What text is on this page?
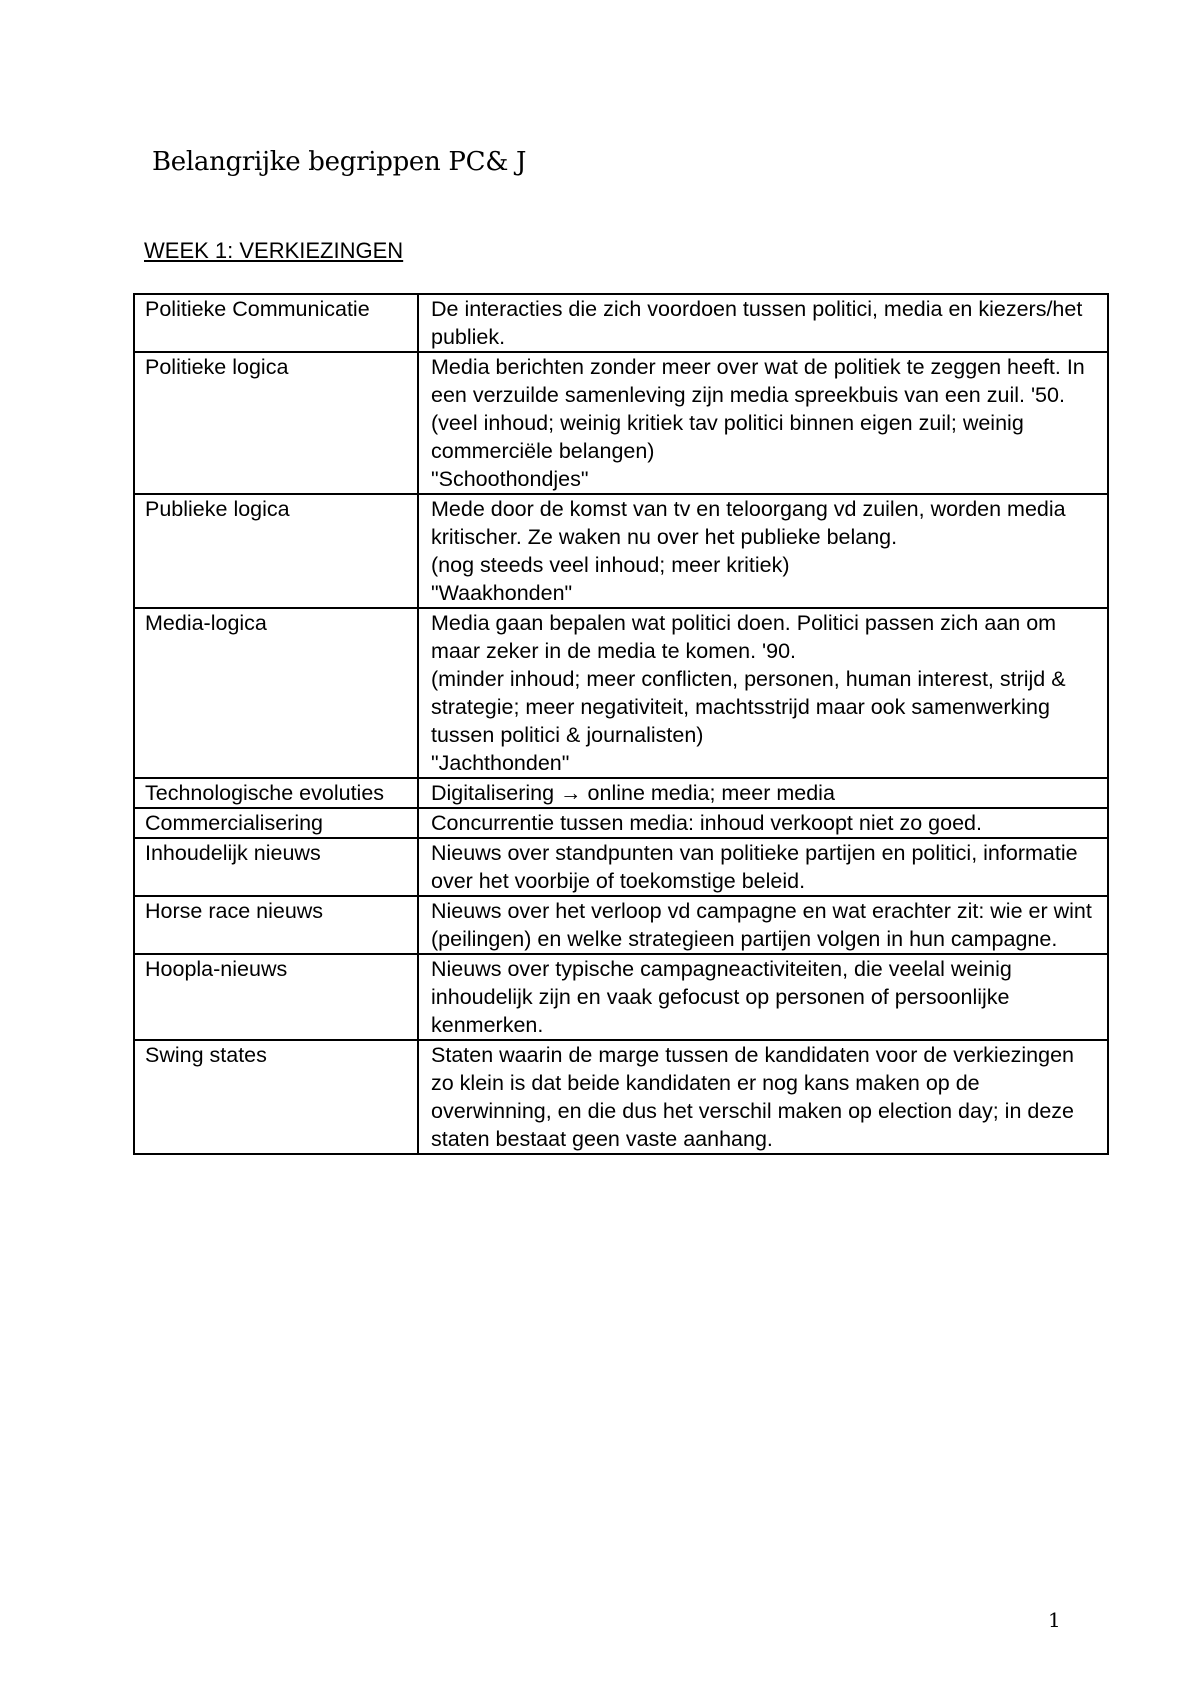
Belangrijke begrippen PC& J
WEEK 1: VERKIEZINGEN
Politieke Communicatie	De interacties die zich voordoen tussen politici, media en kiezers/het publiek.

Politieke logica	Media berichten zonder meer over wat de politiek te zeggen heeft. In een verzuilde samenleving zijn media spreekbuis van een zuil. '50.
(veel inhoud; weinig kritiek tav politici binnen eigen zuil; weinig commerciële belangen)
"Schoothondjes"

Publieke logica	Mede door de komst van tv en teloorgang vd zuilen, worden media kritischer. Ze waken nu over het publieke belang.
(nog steeds veel inhoud; meer kritiek)
"Waakhonden"

Media-logica	Media gaan bepalen wat politici doen. Politici passen zich aan om maar zeker in de media te komen. '90.
(minder inhoud; meer conflicten, personen, human interest, strijd & strategie; meer negativiteit, machtsstrijd maar ook samenwerking tussen politici & journalisten)
"Jachthonden"

Technologische evoluties	Digitalisering → online media; meer media

Commercialisering	Concurrentie tussen media: inhoud verkoopt niet zo goed.

Inhoudelijk nieuws	Nieuws over standpunten van politieke partijen en politici, informatie over het voorbije of toekomstige beleid.

Horse race nieuws	Nieuws over het verloop vd campagne en wat erachter zit: wie er wint (peilingen) en welke strategieen partijen volgen in hun campagne.

Hoopla-nieuws	Nieuws over typische campagneactiviteiten, die veelal weinig inhoudelijk zijn en vaak gefocust op personen of persoonlijke kenmerken.

Swing states	Staten waarin de marge tussen de kandidaten voor de verkiezingen zo klein is dat beide kandidaten er nog kans maken op de overwinning, en die dus het verschil maken op election day; in deze staten bestaat geen vaste aanhang.
1
